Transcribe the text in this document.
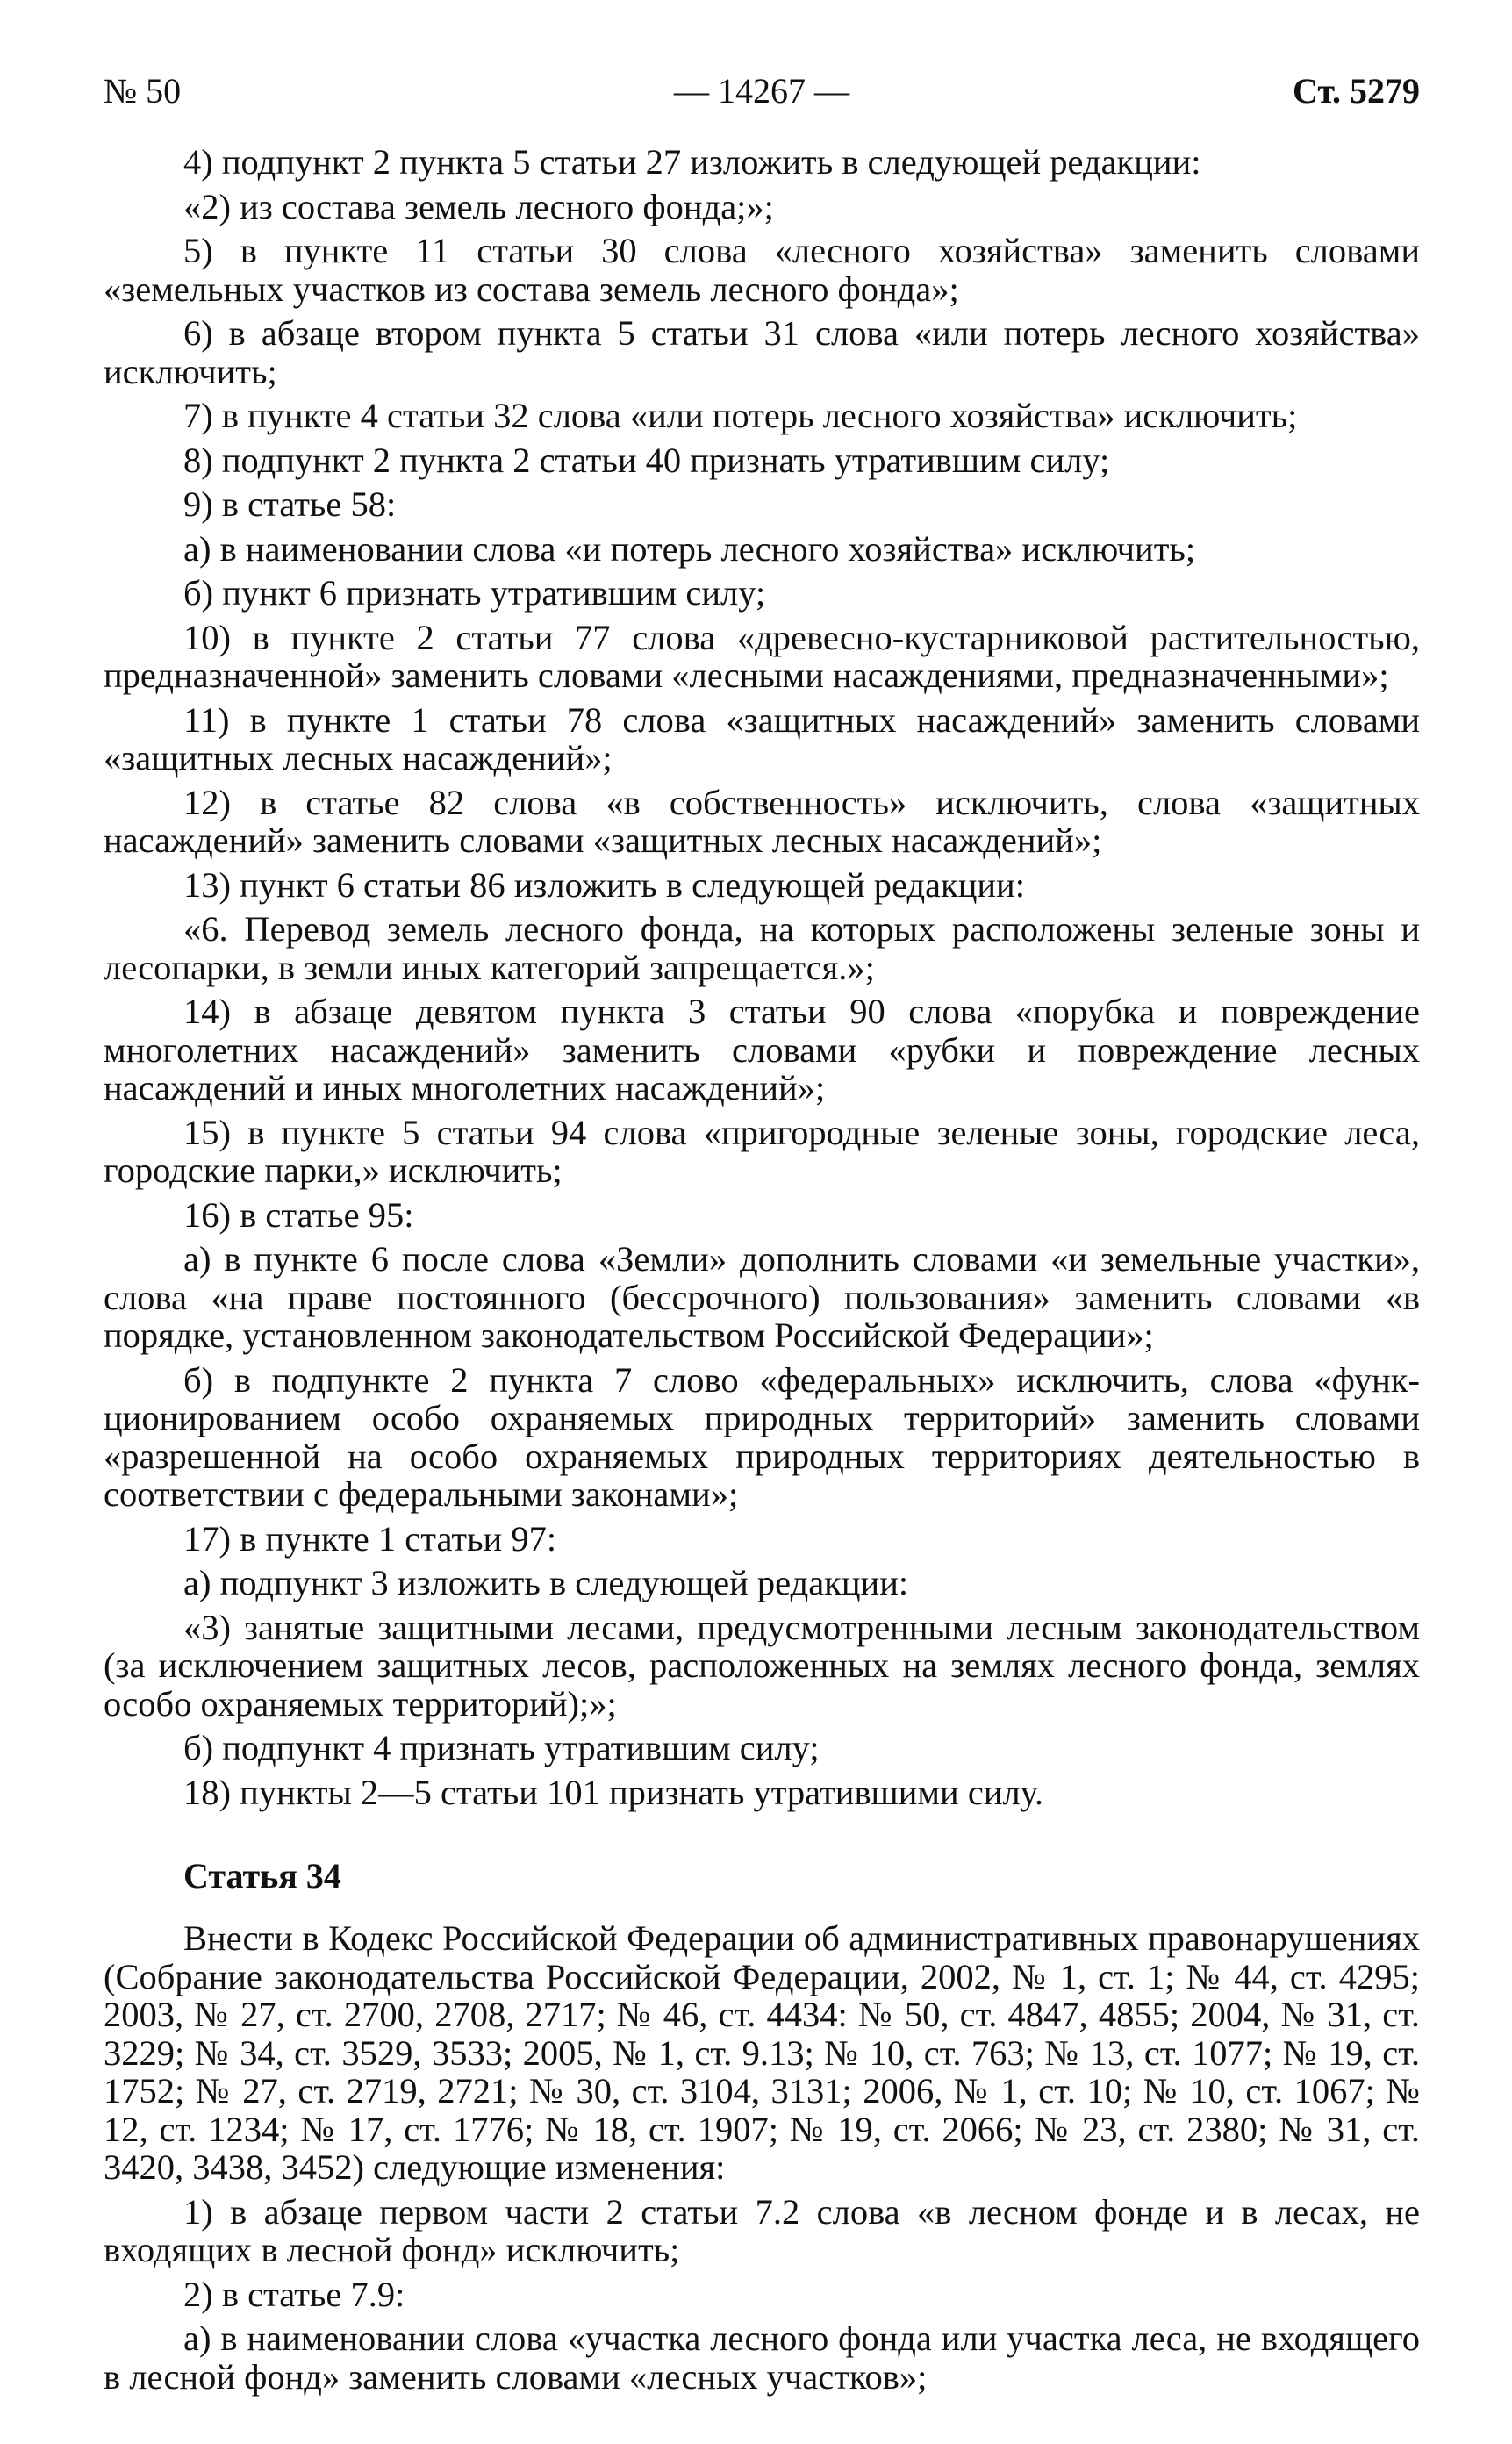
№ 50	— 14267 —	Ст. 5279

4) подпункт 2 пункта 5 статьи 27 изложить в следующей редакции:

«2) из состава земель лесного фонда;»;

5) в пункте 11 статьи 30 слова «лесного хозяйства» заменить словами «земельных участков из состава земель лесного фонда»;

6) в абзаце втором пункта 5 статьи 31 слова «или потерь лесного хозяйства» исключить;

7) в пункте 4 статьи 32 слова «или потерь лесного хозяйства» исключить;

8) подпункт 2 пункта 2 статьи 40 признать утратившим силу;

9) в статье 58:

а) в наименовании слова «и потерь лесного хозяйства» исключить;

б) пункт 6 признать утратившим силу;

10) в пункте 2 статьи 77 слова «древесно-кустарниковой растительностью, предназначенной» заменить словами «лесными насаждениями, предназначенными»;

11) в пункте 1 статьи 78 слова «защитных насаждений» заменить словами «защитных лесных насаждений»;

12) в статье 82 слова «в собственность» исключить, слова «защитных насаждений» заменить словами «защитных лесных насаждений»;

13) пункт 6 статьи 86 изложить в следующей редакции:

«6. Перевод земель лесного фонда, на которых расположены зеленые зоны и лесопарки, в земли иных категорий запрещается.»;

14) в абзаце девятом пункта 3 статьи 90 слова «порубка и повреждение многолетних насаждений» заменить словами «рубки и повреждение лесных насаждений и иных многолетних насаждений»;

15) в пункте 5 статьи 94 слова «пригородные зеленые зоны, городские леса, городские парки,» исключить;

16) в статье 95:

а) в пункте 6 после слова «Земли» дополнить словами «и земельные участки», слова «на праве постоянного (бессрочного) пользования» заменить словами «в порядке, установленном законодательством Российской Федерации»;

б) в подпункте 2 пункта 7 слово «федеральных» исключить, слова «функционированием особо охраняемых природных территорий» заменить словами «разрешенной на особо охраняемых природных территориях деятельностью в соответствии с федеральными законами»;

17) в пункте 1 статьи 97:

а) подпункт 3 изложить в следующей редакции:

«3) занятые защитными лесами, предусмотренными лесным законодательством (за исключением защитных лесов, расположенных на землях лесного фонда, землях особо охраняемых территорий);»;

б) подпункт 4 признать утратившим силу;

18) пункты 2—5 статьи 101 признать утратившими силу.

Статья 34

Внести в Кодекс Российской Федерации об административных правонарушениях (Собрание законодательства Российской Федерации, 2002, № 1, ст. 1; № 44, ст. 4295; 2003, № 27, ст. 2700, 2708, 2717; № 46, ст. 4434: № 50, ст. 4847, 4855; 2004, № 31, ст. 3229; № 34, ст. 3529, 3533; 2005, № 1, ст. 9.13; № 10, ст. 763; № 13, ст. 1077; № 19, ст. 1752; № 27, ст. 2719, 2721; № 30, ст. 3104, 3131; 2006, № 1, ст. 10; № 10, ст. 1067; № 12, ст. 1234; № 17, ст. 1776; № 18, ст. 1907; № 19, ст. 2066; № 23, ст. 2380; № 31, ст. 3420, 3438, 3452) следующие изменения:

1) в абзаце первом части 2 статьи 7.2 слова «в лесном фонде и в лесах, не входящих в лесной фонд» исключить;

2) в статье 7.9:

а) в наименовании слова «участка лесного фонда или участка леса, не входящего в лесной фонд» заменить словами «лесных участков»;
